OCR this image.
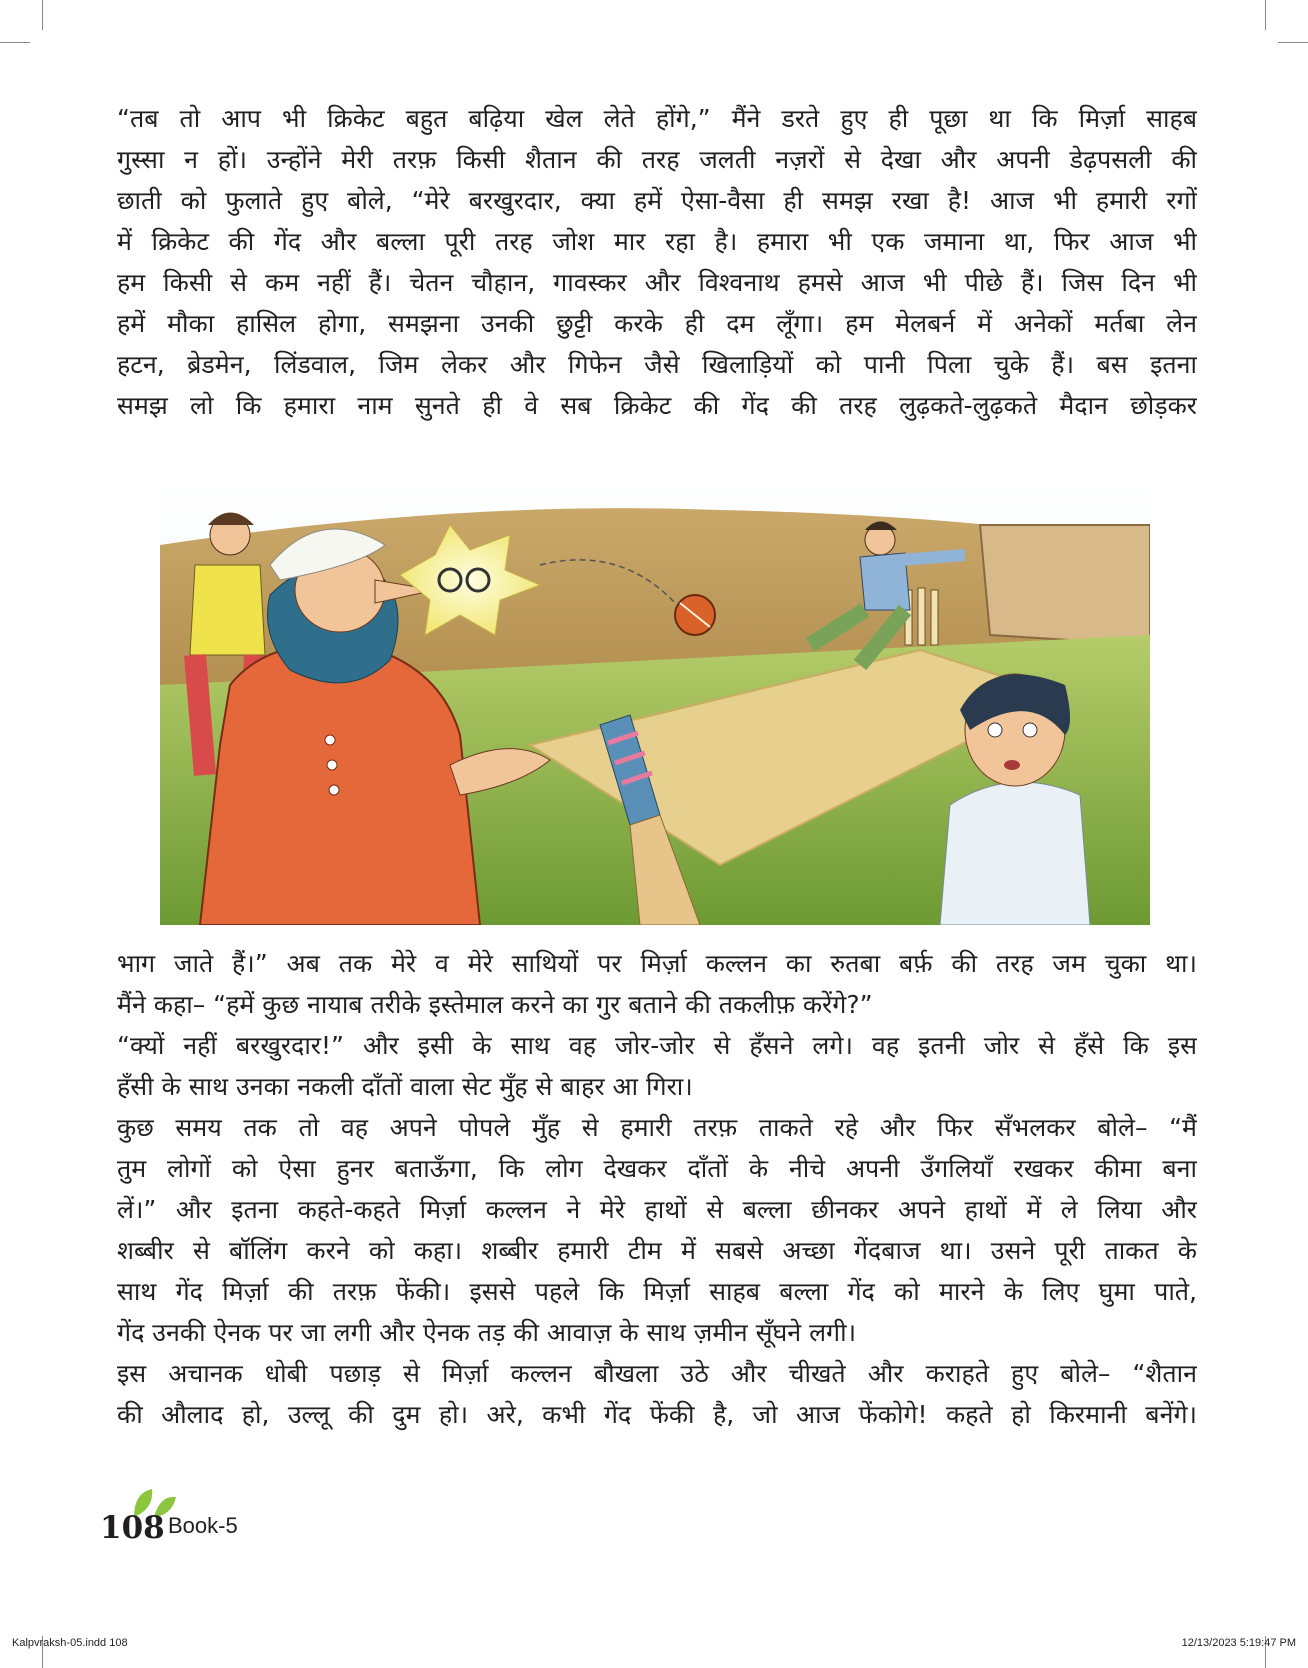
“तब तो आप भी क्रिकेट बहुत बढ़िया खेल लेते होंगे,” मैंने डरते हुए ही पूछा था कि मिर्ज़ा साहब
गुस्सा न हों। उन्होंने मेरी तरफ़ किसी शैतान की तरह जलती नज़रों से देखा और अपनी डेढ़पसली की
छाती को फुलाते हुए बोले, “मेरे बरखुरदार, क्या हमें ऐसा-वैसा ही समझ रखा है! आज भी हमारी रगों
में क्रिकेट की गेंद और बल्ला पूरी तरह जोश मार रहा है। हमारा भी एक जमाना था, फिर आज भी
हम किसी से कम नहीं हैं। चेतन चौहान, गावस्कर और विश्वनाथ हमसे आज भी पीछे हैं। जिस दिन भी
हमें मौका हासिल होगा, समझना उनकी छुट्टी करके ही दम लूँगा। हम मेलबर्न में अनेकों मर्तबा लेन
हटन, ब्रेडमेन, लिंडवाल, जिम लेकर और गिफेन जैसे खिलाड़ियों को पानी पिला चुके हैं। बस इतना
समझ लो कि हमारा नाम सुनते ही वे सब क्रिकेट की गेंद की तरह लुढ़कते-लुढ़कते मैदान छोड़कर
भाग जाते हैं।” अब तक मेरे व मेरे साथियों पर मिर्ज़ा कल्लन का रुतबा बर्फ़ की तरह जम चुका था।
मैंने कहा– “हमें कुछ नायाब तरीके इस्तेमाल करने का गुर बताने की तकलीफ़ करेंगे?”
“क्यों नहीं बरखुरदार!” और इसी के साथ वह जोर-जोर से हँसने लगे। वह इतनी जोर से हँसे कि इस
हँसी के साथ उनका नकली दाँतों वाला सेट मुँह से बाहर आ गिरा।
कुछ समय तक तो वह अपने पोपले मुँह से हमारी तरफ़ ताकते रहे और फिर सँभलकर बोले– “मैं
तुम लोगों को ऐसा हुनर बताऊँगा, कि लोग देखकर दाँतों के नीचे अपनी उँगलियाँ रखकर कीमा बना
लें।” और इतना कहते-कहते मिर्ज़ा कल्लन ने मेरे हाथों से बल्ला छीनकर अपने हाथों में ले लिया और
शब्बीर से बॉलिंग करने को कहा। शब्बीर हमारी टीम में सबसे अच्छा गेंदबाज था। उसने पूरी ताकत के
साथ गेंद मिर्ज़ा की तरफ़ फेंकी। इससे पहले कि मिर्ज़ा साहब बल्ला गेंद को मारने के लिए घुमा पाते,
गेंद उनकी ऐनक पर जा लगी और ऐनक तड़ की आवाज़ के साथ ज़मीन सूँघने लगी।
इस अचानक धोबी पछाड़ से मिर्ज़ा कल्लन बौखला उठे और चीखते और कराहते हुए बोले– “शैतान
की औलाद हो, उल्लू की दुम हो। अरे, कभी गेंद फेंकी है, जो आज फेंकोगे! कहते हो किरमानी बनेंगे।
108 Book-5
Kalpvraksh-05.indd 108	12/13/2023 5:19:47 PM
